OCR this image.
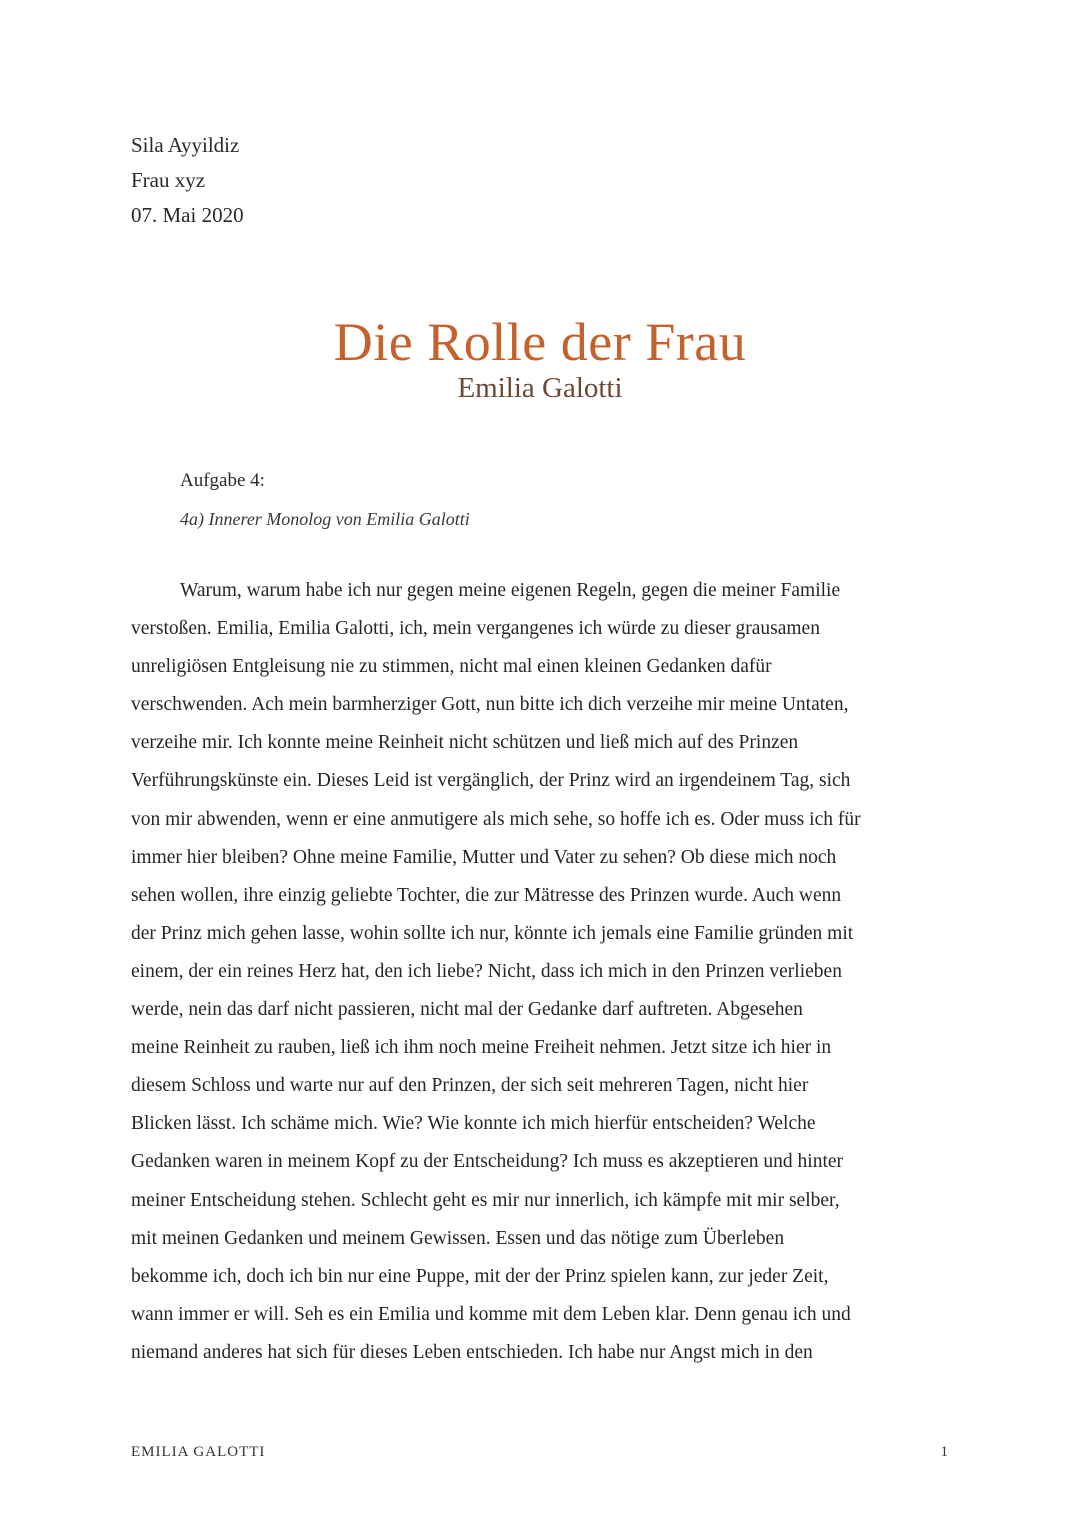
Sila Ayyildiz
Frau xyz
07. Mai 2020
Die Rolle der Frau
Emilia Galotti
Aufgabe 4:
4a) Innerer Monolog von Emilia Galotti
Warum, warum habe ich nur gegen meine eigenen Regeln, gegen die meiner Familie
verstoßen. Emilia, Emilia Galotti, ich, mein vergangenes ich würde zu dieser grausamen
unreligiösen Entgleisung nie zu stimmen, nicht mal einen kleinen Gedanken dafür
verschwenden. Ach mein barmherziger Gott, nun bitte ich dich verzeihe mir meine Untaten,
verzeihe mir. Ich konnte meine Reinheit nicht schützen und ließ mich auf des Prinzen
Verführungskünste ein. Dieses Leid ist vergänglich, der Prinz wird an irgendeinem Tag, sich
von mir abwenden, wenn er eine anmutigere als mich sehe, so hoffe ich es. Oder muss ich für
immer hier bleiben? Ohne meine Familie, Mutter und Vater zu sehen? Ob diese mich noch
sehen wollen, ihre einzig geliebte Tochter, die zur Mätresse des Prinzen wurde. Auch wenn
der Prinz mich gehen lasse, wohin sollte ich nur, könnte ich jemals eine Familie gründen mit
einem, der ein reines Herz hat, den ich liebe? Nicht, dass ich mich in den Prinzen verlieben
werde, nein das darf nicht passieren, nicht mal der Gedanke darf auftreten. Abgesehen
meine Reinheit zu rauben, ließ ich ihm noch meine Freiheit nehmen. Jetzt sitze ich hier in
diesem Schloss und warte nur auf den Prinzen, der sich seit mehreren Tagen, nicht hier
Blicken lässt. Ich schäme mich. Wie? Wie konnte ich mich hierfür entscheiden? Welche
Gedanken waren in meinem Kopf zu der Entscheidung? Ich muss es akzeptieren und hinter
meiner Entscheidung stehen. Schlecht geht es mir nur innerlich, ich kämpfe mit mir selber,
mit meinen Gedanken und meinem Gewissen. Essen und das nötige zum Überleben
bekomme ich, doch ich bin nur eine Puppe, mit der der Prinz spielen kann, zur jeder Zeit,
wann immer er will. Seh es ein Emilia und komme mit dem Leben klar. Denn genau ich und
niemand anderes hat sich für dieses Leben entschieden. Ich habe nur Angst mich in den
EMILIA GALOTTI	1
